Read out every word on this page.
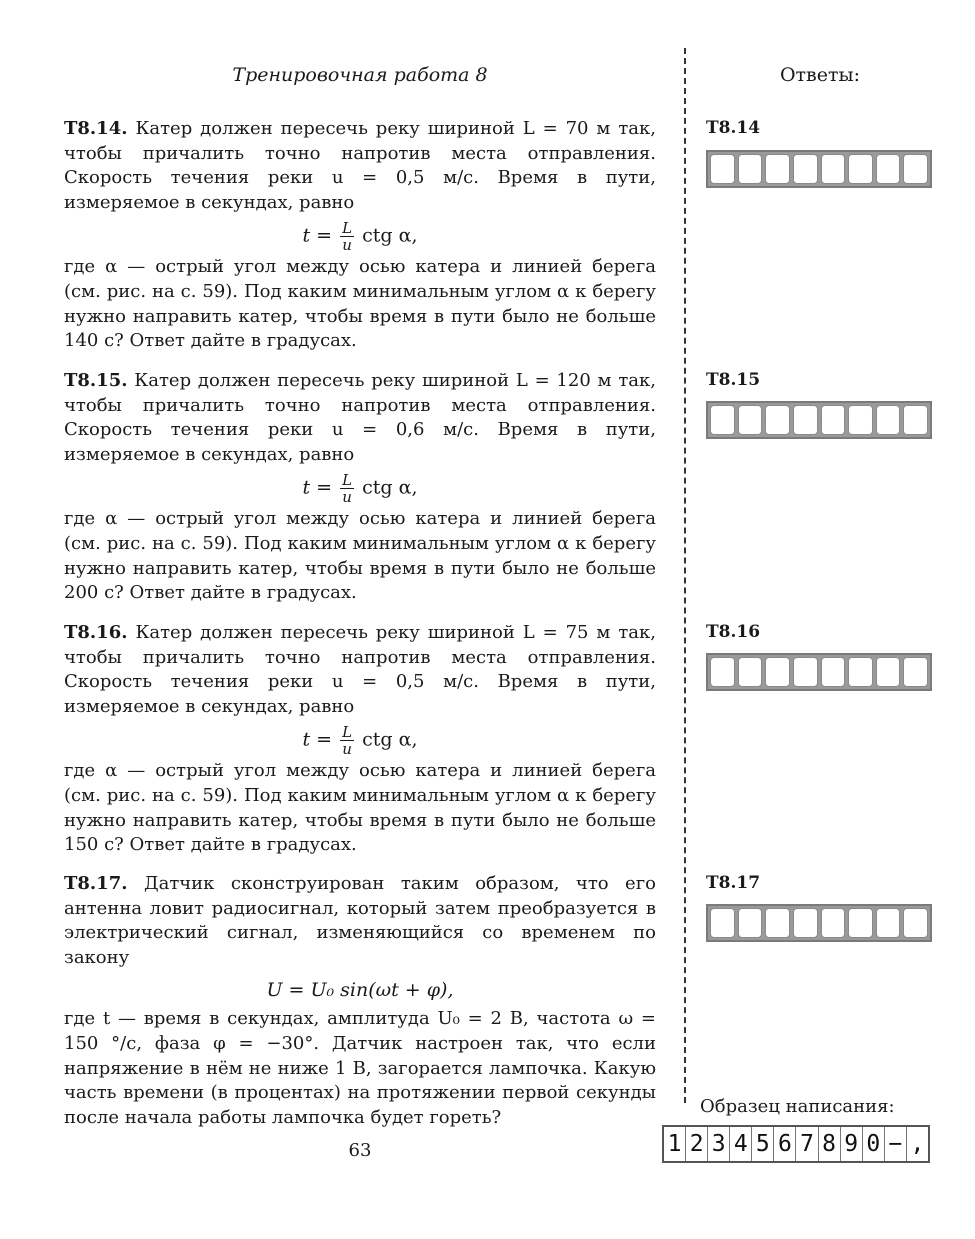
Тренировочная работа 8	Ответы:

T8.14. Катер должен пересечь реку шириной L = 70 м так, чтобы причалить точно напротив места отправления. Скорость течения реки u = 0,5 м/с. Время в пути, измеряемое в секундах, равно

$t = \frac{L}{u}$ ctg α,

где α — острый угол между осью катера и линией берега (см. рис. на с. 59). Под каким минимальным углом α к берегу нужно направить катер, чтобы время в пути было не больше 140 с? Ответ дайте в градусах.

T8.15. Катер должен пересечь реку шириной L = 120 м так, чтобы причалить точно напротив места отправления. Скорость течения реки u = 0,6 м/с. Время в пути, измеряемое в секундах, равно

$t = \frac{L}{u}$ ctg α,

где α — острый угол между осью катера и линией берега (см. рис. на с. 59). Под каким минимальным углом α к берегу нужно направить катер, чтобы время в пути было не больше 200 с? Ответ дайте в градусах.

T8.16. Катер должен пересечь реку шириной L = 75 м так, чтобы причалить точно напротив места отправления. Скорость течения реки u = 0,5 м/с. Время в пути, измеряемое в секундах, равно

$t = \frac{L}{u}$ ctg α,

где α — острый угол между осью катера и линией берега (см. рис. на с. 59). Под каким минимальным углом α к берегу нужно направить катер, чтобы время в пути было не больше 150 с? Ответ дайте в градусах.

T8.17. Датчик сконструирован таким образом, что его антенна ловит радиосигнал, который затем преобразуется в электрический сигнал, изменяющийся со временем по закону

U = U₀ sin(ωt + φ),

где t — время в секундах, амплитуда U₀ = 2 В, частота ω = 150 °/с, фаза φ = −30°. Датчик настроен так, что если напряжение в нём не ниже 1 В, загорается лампочка. Какую часть времени (в процентах) на протяжении первой секунды после начала работы лампочка будет гореть?

T8.14
T8.15
T8.16
T8.17
Образец написания:
1 2 3 4 5 6 7 8 9 0 − ,
63
